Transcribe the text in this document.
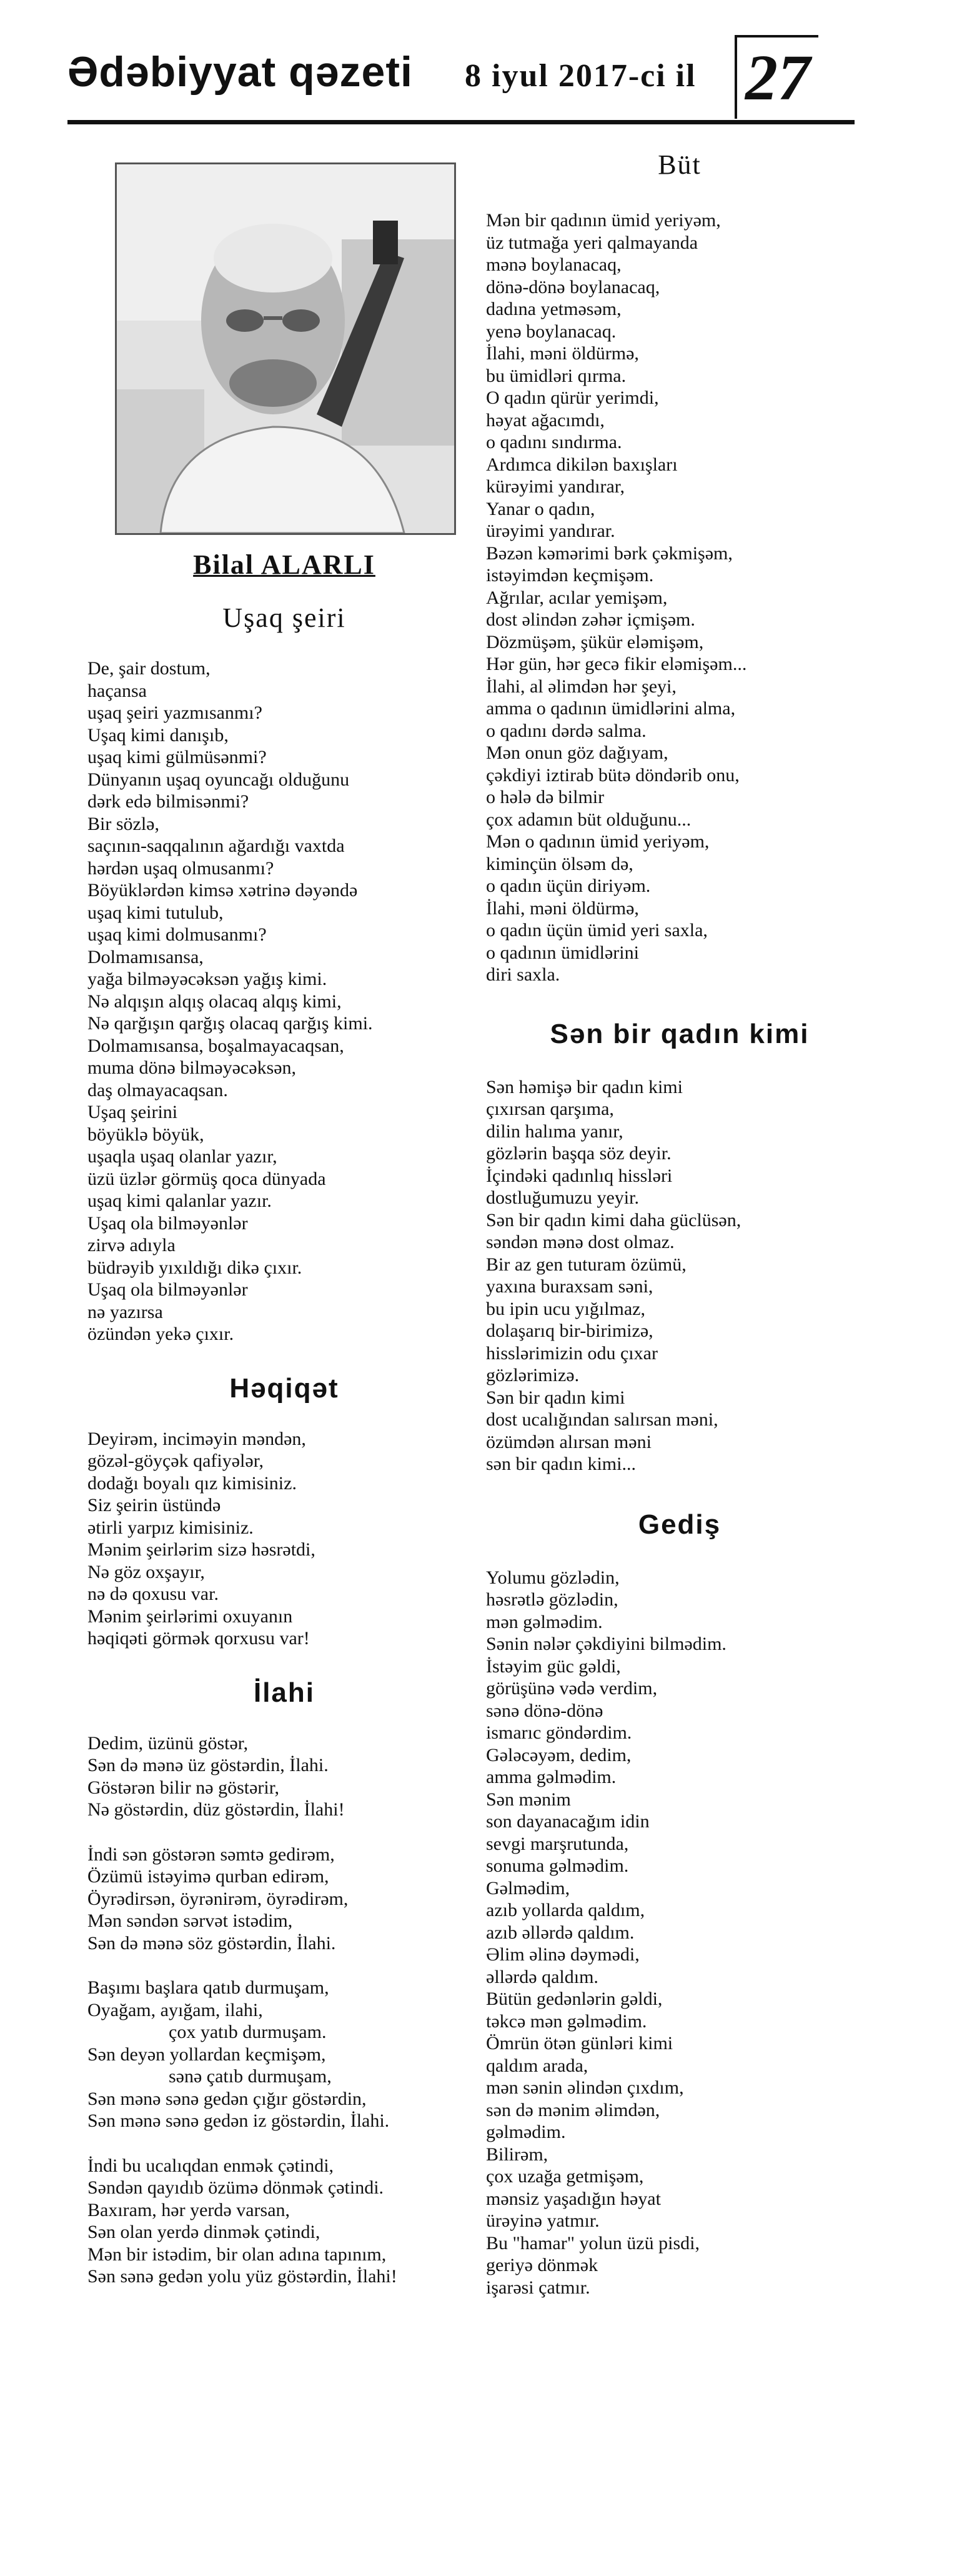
Ədəbiyyat qəzeti 8 iyul 2017-ci il 27
Bilal ALARLI
Uşaq şeiri
De, şair dostum,
haçansa
uşaq şeiri yazmısanmı?
Uşaq kimi danışıb,
uşaq kimi gülmüsənmi?
Dünyanın uşaq oyuncağı olduğunu
dərk edə bilmisənmi?
Bir sözlə,
saçının-saqqalının ağardığı vaxtda
hərdən uşaq olmusanmı?
Böyüklərdən kimsə xətrinə dəyəndə
uşaq kimi tutulub,
uşaq kimi dolmusanmı?
Dolmamısansa,
yağa bilməyəcəksən yağış kimi.
Nə alqışın alqış olacaq alqış kimi,
Nə qarğışın qarğış olacaq qarğış kimi.
Dolmamısansa, boşalmayacaqsan,
muma dönə bilməyəcəksən,
daş olmayacaqsan.
Uşaq şeirini
böyüklə böyük,
uşaqla uşaq olanlar yazır,
üzü üzlər görmüş qoca dünyada
uşaq kimi qalanlar yazır.
Uşaq ola bilməyənlər
zirvə adıyla
büdrəyib yıxıldığı dikə çıxır.
Uşaq ola bilməyənlər
nə yazırsa
özündən yekə çıxır.
Həqiqət
Deyirəm, inciməyin məndən,
gözəl-göyçək qafiyələr,
dodağı boyalı qız kimisiniz.
Siz şeirin üstündə
ətirli yarpız kimisiniz.
Mənim şeirlərim sizə həsrətdi,
Nə göz oxşayır,
nə də qoxusu var.
Mənim şeirlərimi oxuyanın
həqiqəti görmək qorxusu var!
İlahi
Dedim, üzünü göstər,
Sən də mənə üz göstərdin, İlahi.
Göstərən bilir nə göstərir,
Nə göstərdin, düz göstərdin, İlahi!
İndi sən göstərən səmtə gedirəm,
Özümü istəyimə qurban edirəm,
Öyrədirsən, öyrənirəm, öyrədirəm,
Mən səndən sərvət istədim,
Sən də mənə söz göstərdin, İlahi.
Başımı başlara qatıb durmuşam,
Oyağam, ayığam, ilahi,
çox yatıb durmuşam.
Sən deyən yollardan keçmişəm,
sənə çatıb durmuşam,
Sən mənə sənə gedən çığır göstərdin,
Sən mənə sənə gedən iz göstərdin, İlahi.
İndi bu ucalıqdan enmək çətindi,
Səndən qayıdıb özümə dönmək çətindi.
Baxıram, hər yerdə varsan,
Sən olan yerdə dinmək çətindi,
Mən bir istədim, bir olan adına tapınım,
Sən sənə gedən yolu yüz göstərdin, İlahi!
Büt
Mən bir qadının ümid yeriyəm,
üz tutmağa yeri qalmayanda
mənə boylanacaq,
dönə-dönə boylanacaq,
dadına yetməsəm,
yenə boylanacaq.
İlahi, məni öldürmə,
bu ümidləri qırma.
O qadın qürür yerimdi,
həyat ağacımdı,
o qadını sındırma.
Ardımca dikilən baxışları
kürəyimi yandırar,
Yanar o qadın,
ürəyimi yandırar.
Bəzən kəmərimi bərk çəkmişəm,
istəyimdən keçmişəm.
Ağrılar, acılar yemişəm,
dost əlindən zəhər içmişəm.
Dözmüşəm, şükür eləmişəm,
Hər gün, hər gecə fikir eləmişəm...
İlahi, al əlimdən hər şeyi,
amma o qadının ümidlərini alma,
o qadını dərdə salma.
Mən onun göz dağıyam,
çəkdiyi iztirab bütə döndərib onu,
o hələ də bilmir
çox adamın büt olduğunu...
Mən o qadının ümid yeriyəm,
kiminçün ölsəm də,
o qadın üçün diriyəm.
İlahi, məni öldürmə,
o qadın üçün ümid yeri saxla,
o qadının ümidlərini
diri saxla.
Sən bir qadın kimi
Sən həmişə bir qadın kimi
çıxırsan qarşıma,
dilin halıma yanır,
gözlərin başqa söz deyir.
İçindəki qadınlıq hissləri
dostluğumuzu yeyir.
Sən bir qadın kimi daha güclüsən,
səndən mənə dost olmaz.
Bir az gen tuturam özümü,
yaxına buraxsam səni,
bu ipin ucu yığılmaz,
dolaşarıq bir-birimizə,
hisslərimizin odu çıxar
gözlərimizə.
Sən bir qadın kimi
dost ucalığından salırsan məni,
özümdən alırsan məni
sən bir qadın kimi...
Gediş
Yolumu gözlədin,
həsrətlə gözlədin,
mən gəlmədim.
Sənin nələr çəkdiyini bilmədim.
İstəyim güc gəldi,
görüşünə vədə verdim,
sənə dönə-dönə
ismarıc göndərdim.
Gələcəyəm, dedim,
amma gəlmədim.
Sən mənim
son dayanacağım idin
sevgi marşrutunda,
sonuma gəlmədim.
Gəlmədim,
azıb yollarda qaldım,
azıb əllərdə qaldım.
Əlim əlinə dəymədi,
əllərdə qaldım.
Bütün gedənlərin gəldi,
təkcə mən gəlmədim.
Ömrün ötən günləri kimi
qaldım arada,
mən sənin əlindən çıxdım,
sən də mənim əlimdən,
gəlmədim.
Bilirəm,
çox uzağa getmişəm,
mənsiz yaşadığın həyat
ürəyinə yatmır.
Bu "hamar" yolun üzü pisdi,
geriyə dönmək
işarəsi çatmır.
